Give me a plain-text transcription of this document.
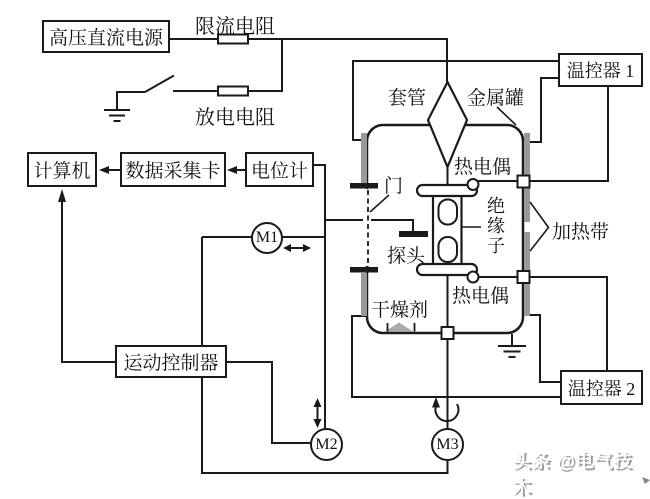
高压直流电源
计算机	数据采集卡	电位计
运动控制器
温控器 1
温控器 2
M1
M2	M3
限流电阻
放电电阻
套管 金属罐
热电偶
门
探头
绝缘子 加热带
热电偶
干燥剂
头条 @电气技术
